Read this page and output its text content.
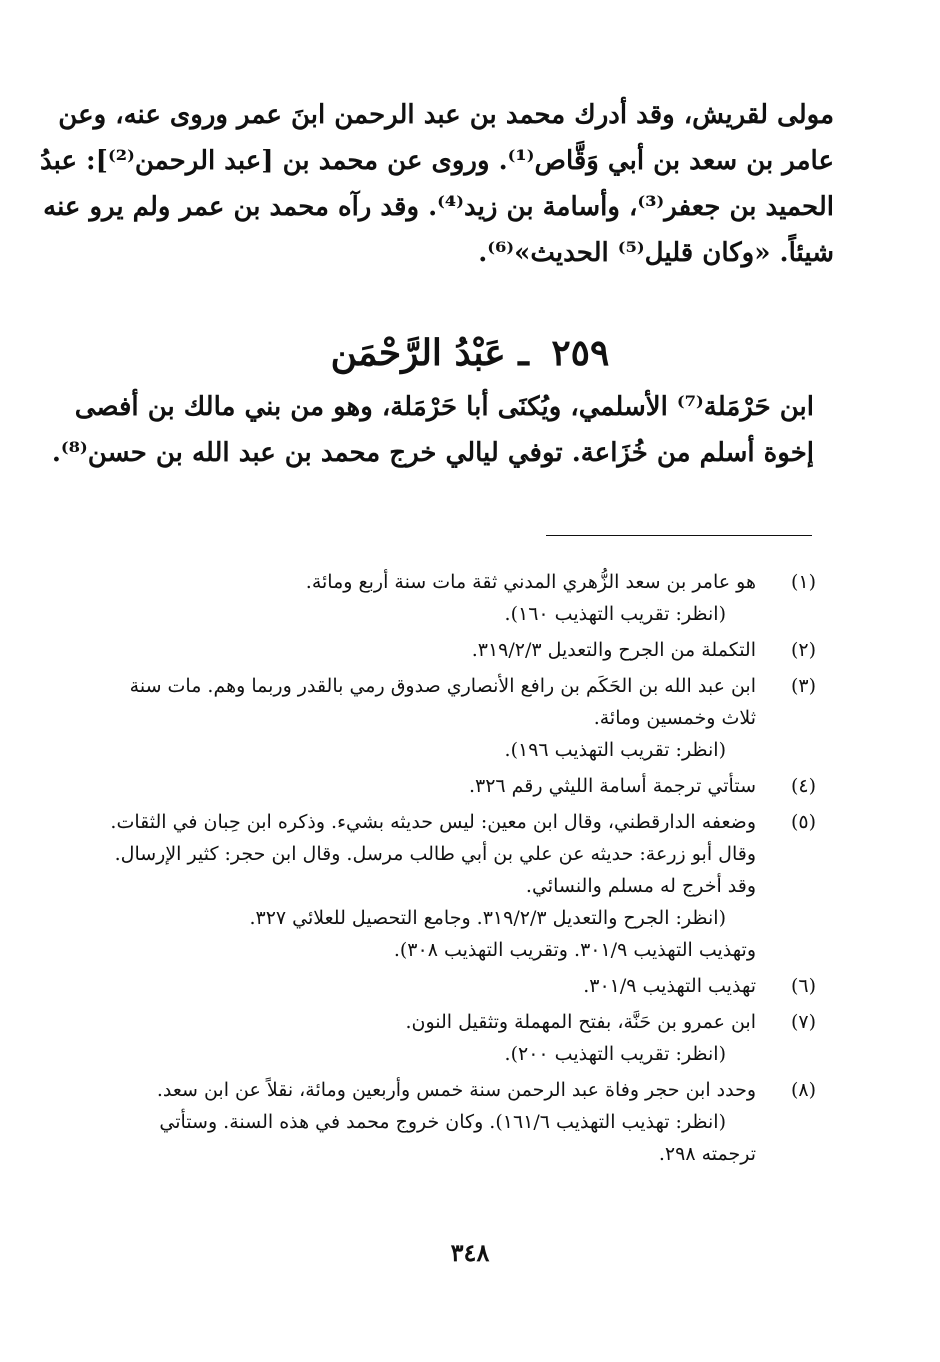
مولى لقريش، وقد أدرك محمد بن عبد الرحمن ابنَ عمر وروى عنه، وعن
عامر بن سعد بن أبي وَقَّاص⁽¹⁾. وروى عن محمد بن [عبد الرحمن⁽²⁾]: عبدُ
الحميد بن جعفر⁽³⁾، وأسامة بن زيد⁽⁴⁾. وقد رآه محمد بن عمر ولم يرو عنه
شيئاً. «وكان قليل⁽⁵⁾ الحديث»⁽⁶⁾.
٢٥٩ ـ عَبْدُ الرَّحْمَن
ابن حَرْمَلة⁽⁷⁾ الأسلمي، ويُكنَى أبا حَرْمَلة، وهو من بني مالك بن أفصى
إخوة أسلم من خُزَاعة. توفي ليالي خرج محمد بن عبد الله بن حسن⁽⁸⁾.
(١)
هو عامر بن سعد الزُّهري المدني ثقة مات سنة أربع ومائة.
(انظر: تقريب التهذيب ١٦٠).
(٢)
التكملة من الجرح والتعديل ٣١٩/٢/٣.
(٣)
ابن عبد الله بن الحَكَم بن رافع الأنصاري صدوق رمي بالقدر وربما وهم. مات سنة
ثلاث وخمسين ومائة.
(انظر: تقريب التهذيب ١٩٦).
(٤)
ستأتي ترجمة أسامة الليثي رقم ٣٢٦.
(٥)
وضعفه الدارقطني، وقال ابن معين: ليس حديثه بشيء. وذكره ابن حِبان في الثقات.
وقال أبو زرعة: حديثه عن علي بن أبي طالب مرسل. وقال ابن حجر: كثير الإرسال.
وقد أخرج له مسلم والنسائي.
(انظر: الجرح والتعديل ٣١٩/٢/٣. وجامع التحصيل للعلائي ٣٢٧.
وتهذيب التهذيب ٣٠١/٩. وتقريب التهذيب ٣٠٨).
(٦)
تهذيب التهذيب ٣٠١/٩.
(٧)
ابن عمرو بن حَنَّة، بفتح المهملة وتثقيل النون.
(انظر: تقريب التهذيب ٢٠٠).
(٨)
وحدد ابن حجر وفاة عبد الرحمن سنة خمس وأربعين ومائة، نقلاً عن ابن سعد.
(انظر: تهذيب التهذيب ١٦١/٦). وكان خروج محمد في هذه السنة. وستأتي
ترجمته ٢٩٨.
٣٤٨
